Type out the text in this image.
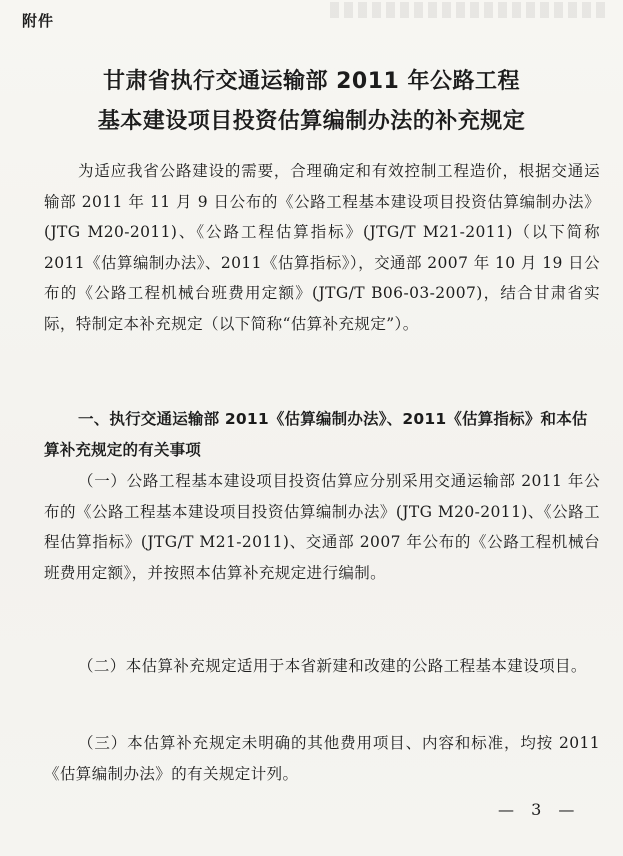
附件
甘肃省执行交通运输部 2011 年公路工程
基本建设项目投资估算编制办法的补充规定
为适应我省公路建设的需要，合理确定和有效控制工程造价，根据交通运输部 2011 年 11 月 9 日公布的《公路工程基本建设项目投资估算编制办法》(JTG M20-2011)、《公路工程估算指标》(JTG/T M21-2011)（以下简称 2011《估算编制办法》、2011《估算指标》），交通部 2007 年 10 月 19 日公布的《公路工程机械台班费用定额》(JTG/T B06-03-2007)，结合甘肃省实际，特制定本补充规定（以下简称“估算补充规定”）。
一、执行交通运输部 2011《估算编制办法》、2011《估算指标》和本估算补充规定的有关事项
（一）公路工程基本建设项目投资估算应分别采用交通运输部 2011 年公布的《公路工程基本建设项目投资估算编制办法》(JTG M20-2011)、《公路工程估算指标》(JTG/T M21-2011)、交通部 2007 年公布的《公路工程机械台班费用定额》，并按照本估算补充规定进行编制。
（二）本估算补充规定适用于本省新建和改建的公路工程基本建设项目。
（三）本估算补充规定未明确的其他费用项目、内容和标准，均按 2011《估算编制办法》的有关规定计列。
— 3 —
